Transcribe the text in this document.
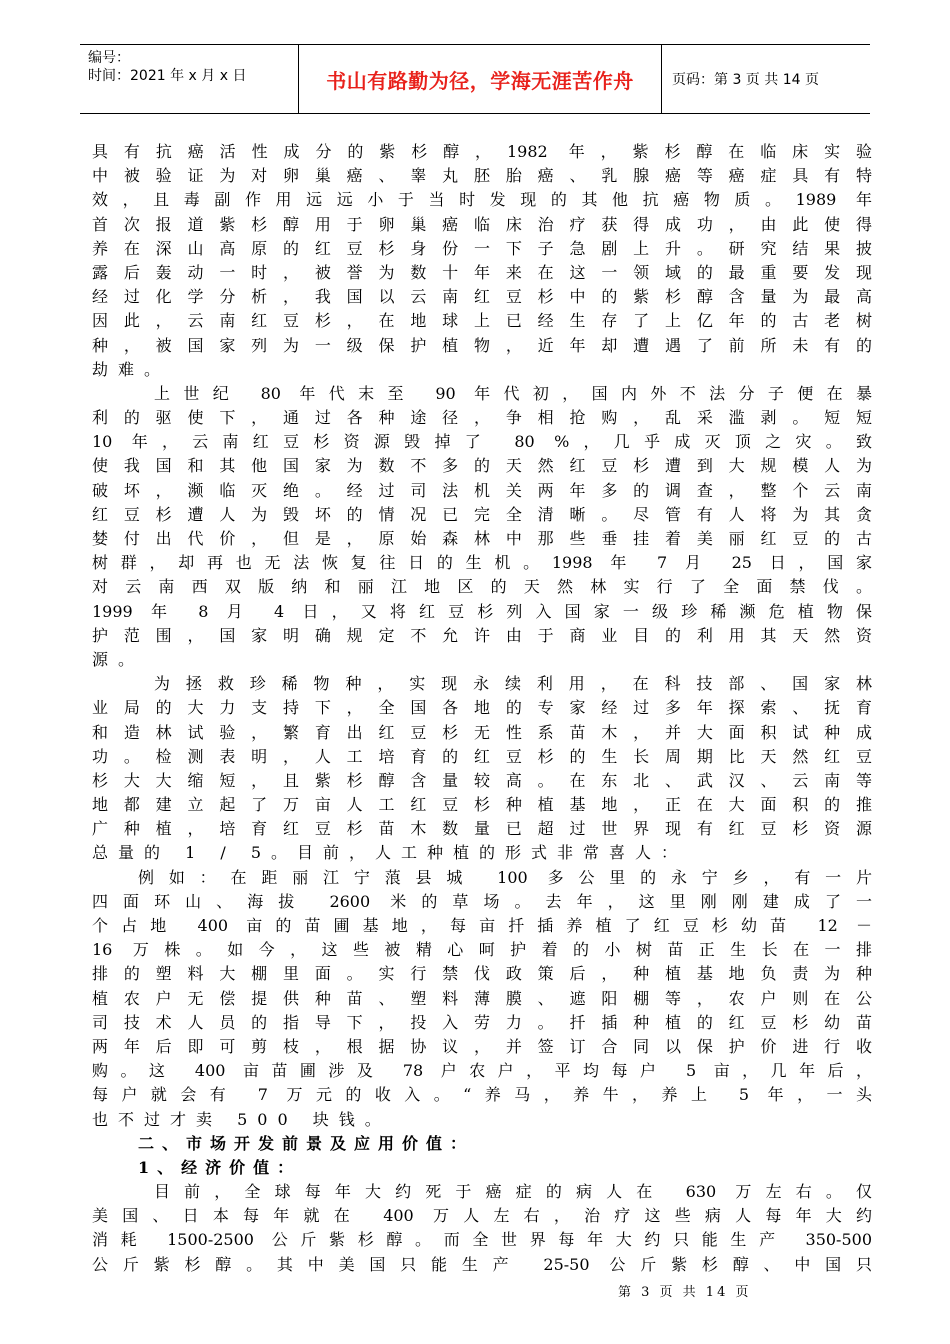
编号：
时间：2021 年 x 月 x 日	书山有路勤为径，学海无涯苦作舟	页码：第 3 页 共 14 页
具有抗癌活性成分的紫杉醇，1982 年，紫杉醇在临床实验
中被验证为对卵巢癌、睾丸胚胎癌、乳腺癌等癌症具有特
效，且毒副作用远远小于当时发现的其他抗癌物质。1989 年
首次报道紫杉醇用于卵巢癌临床治疗获得成功，由此使得
养在深山高原的红豆杉身份一下子急剧上升。研究结果披
露后轰动一时，被誉为数十年来在这一领域的最重要发现
经过化学分析，我国以云南红豆杉中的紫杉醇含量为最高
因此，云南红豆杉，在地球上已经生存了上亿年的古老树
种，被国家列为一级保护植物，近年却遭遇了前所未有的
劫难。
上世纪 80 年代末至 90 年代初，国内外不法分子便在暴
利的驱使下，通过各种途径，争相抢购，乱采滥剥。短短
10 年，云南红豆杉资源毁掉了 80 %，几乎成灭顶之灾。致
使我国和其他国家为数不多的天然红豆杉遭到大规模人为
破坏，濒临灭绝。经过司法机关两年多的调查，整个云南
红豆杉遭人为毁坏的情况已完全清晰。尽管有人将为其贪
婪付出代价，但是，原始森林中那些垂挂着美丽红豆的古
树群，却再也无法恢复往日的生机。1998 年 7 月 25 日，国家
对云南西双版纳和丽江地区的天然林实行了全面禁伐。
1999 年 8 月 4 日，又将红豆杉列入国家一级珍稀濒危植物保
护范围，国家明确规定不允许由于商业目的利用其天然资
源。
为拯救珍稀物种，实现永续利用，在科技部、国家林
业局的大力支持下，全国各地的专家经过多年探索、抚育
和造林试验，繁育出红豆杉无性系苗木，并大面积试种成
功。检测表明，人工培育的红豆杉的生长周期比天然红豆
杉大大缩短，且紫杉醇含量较高。在东北、武汉、云南等
地都建立起了万亩人工红豆杉种植基地，正在大面积的推
广种植，培育红豆杉苗木数量已超过世界现有红豆杉资源
总量的 1 / 5。目前，人工种植的形式非常喜人：
例如：在距丽江宁蒗县城 100 多公里的永宁乡，有一片
四面环山、海拔 2600 米的草场。去年，这里刚刚建成了一
个占地 400 亩的苗圃基地，每亩扦插养植了红豆杉幼苗 12 －
16 万株。如今，这些被精心呵护着的小树苗正生长在一排
排的塑料大棚里面。实行禁伐政策后，种植基地负责为种
植农户无偿提供种苗、塑料薄膜、遮阳棚等，农户则在公
司技术人员的指导下，投入劳力。扦插种植的红豆杉幼苗
两年后即可剪枝，根据协议，并签订合同以保护价进行收
购。这 400 亩苗圃涉及 78 户农户，平均每户 5 亩，几年后，
每户就会有 7 万元的收入。“养马，养牛，养上 5 年，一头
也不过才卖 500 块钱。
二、市场开发前景及应用价值：
1、经济价值：
目前，全球每年大约死于癌症的病人在 630 万左右。仅
美国、日本每年就在 400 万人左右，治疗这些病人每年大约
消耗 1500-2500 公斤紫杉醇。而全世界每年大约只能生产 350-500
公斤紫杉醇。其中美国只能生产 25-50 公斤紫杉醇、中国只
第 3 页 共 14 页
